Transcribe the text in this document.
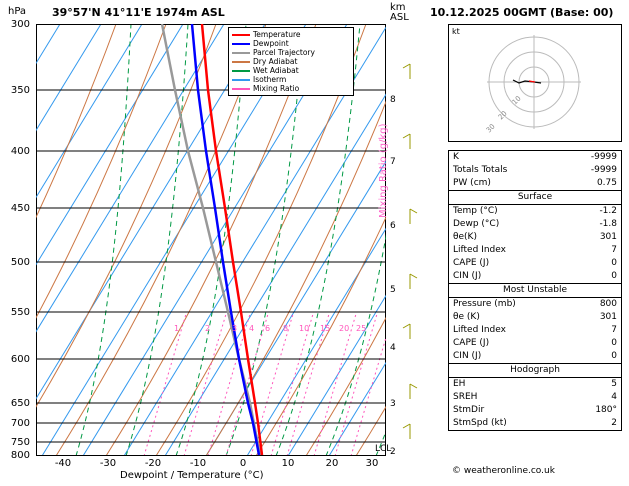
hPa 39°57'N 41°11'E 1974m ASL	km
ASL 10.12.2025 00GMT (Base: 00)
300
350
400
450
500
550
600
650
700
750
800
8
7
6
5
4
3
2
-40	-30	-20	-10	0	10	20	30
Dewpoint / Temperature (°C)
LCL
1	2	3 4 6 8 10 15 20 25
Mixing Ratio (g/kg)
Temperature
Dewpoint
Parcel Trajectory
Dry Adiabat
Wet Adiabat
Isotherm
Mixing Ratio
10
20
30
kt
K	-9999
Totals Totals	-9999
PW (cm)	0.75
Surface
Temp (°C)	-1.2
Dewp (°C)	-1.8
θe(K)	301
Lifted Index	7
CAPE (J)	0
CIN (J)	0
Most Unstable
Pressure (mb)	800
θe (K)	301
Lifted Index	7
CAPE (J)	0
CIN (J)	0
Hodograph
EH	5
SREH	4
StmDir	180°
StmSpd (kt)	2
© weatheronline.co.uk
